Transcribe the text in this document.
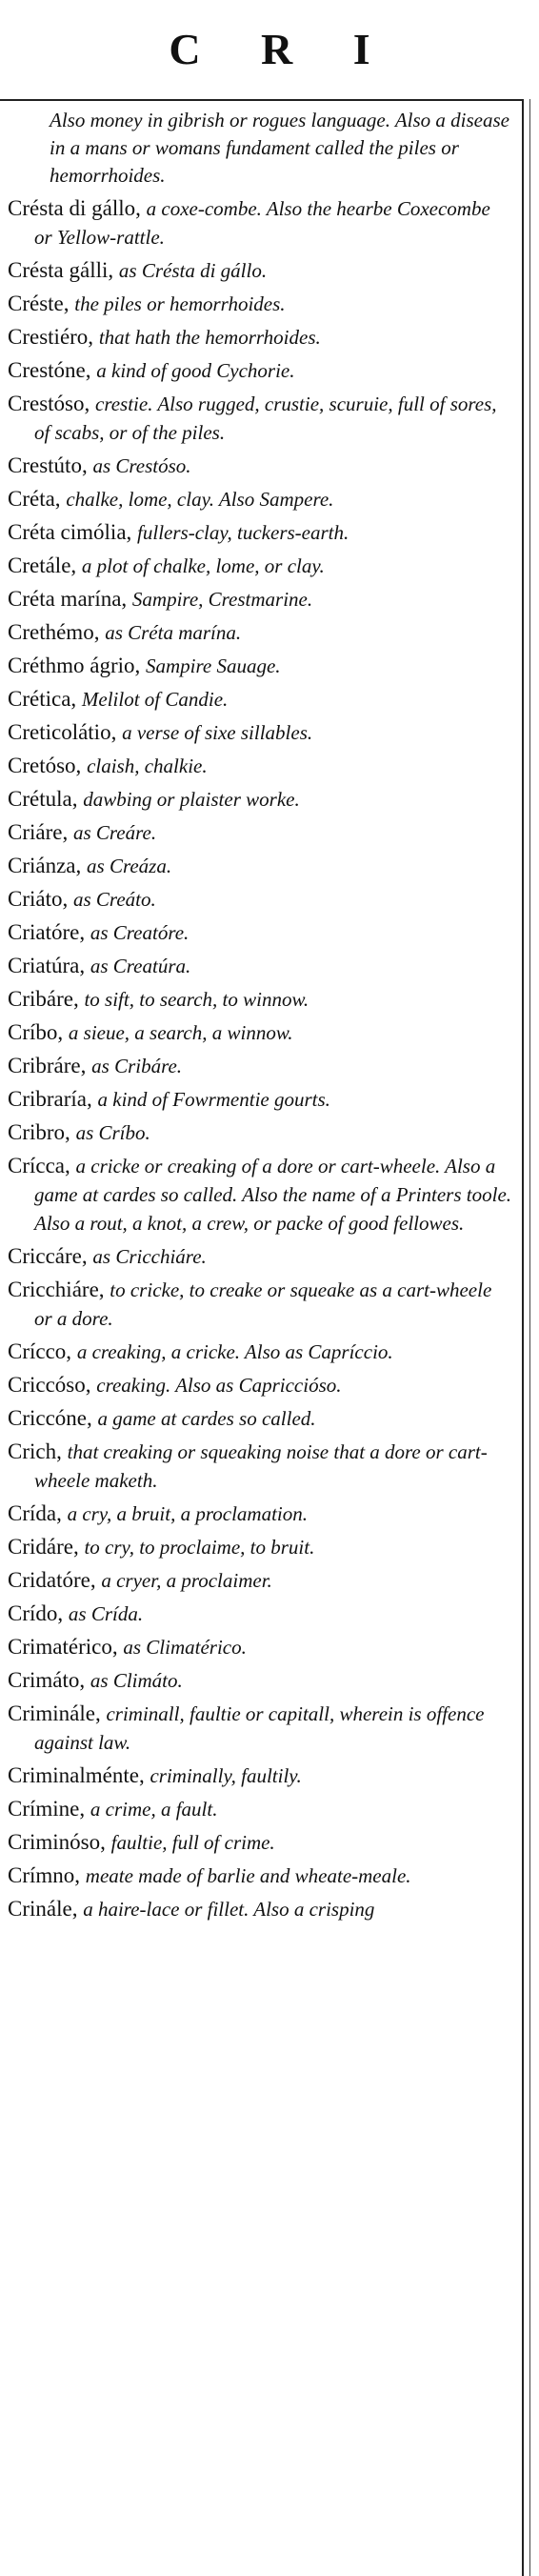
C R I
Also money in gibrish or rogues language. Also a disease in a mans or womans fundament called the piles or hemorrhoides.
Crésta di gállo, a coxe-combe. Also the hearbe Coxecombe or Yellow-rattle.
Crésta gálli, as Crésta di gállo.
Créste, the piles or hemorrhoides.
Crestiéro, that hath the hemorrhoides.
Crestóne, a kind of good Cychorie.
Crestóso, crestie. Also rugged, crustie, scuruie, full of sores, of scabs, or of the piles.
Crestúto, as Crestóso.
Créta, chalke, lome, clay. Also Sampere.
Créta cimólia, fullers-clay, tuckers-earth.
Cretále, a plot of chalke, lome, or clay.
Créta marína, Sampire, Crestmarine.
Crethémo, as Créta marína.
Créthmo ágrio, Sampire Sauage.
Crética, Melilot of Candie.
Creticolátio, a verse of sixe sillables.
Cretóso, claish, chalkie.
Crétula, dawbing or plaister worke.
Criáre, as Creáre.
Criánza, as Creáza.
Criáto, as Creáto.
Criatóre, as Creatóre.
Criatúra, as Creatúra.
Cribáre, to sift, to search, to winnow.
Críbo, a sieue, a search, a winnow.
Cribráre, as Cribáre.
Cribraría, a kind of Fowrmentie gourts.
Cribro, as Críbo.
Crícca, a cricke or creaking of a dore or cart-wheele. Also a game at cardes so called. Also the name of a Printers toole. Also a rout, a knot, a crew, or packe of good fellowes.
Criccáre, as Cricchiáre.
Cricchiáre, to cricke, to creake or squeake as a cart-wheele or a dore.
Crícco, a creaking, a cricke. Also as Capríccio.
Criccóso, creaking. Also as Capriccióso.
Criccóne, a game at cardes so called.
Crich, that creaking or squeaking noise that a dore or cart-wheele maketh.
Crída, a cry, a bruit, a proclamation.
Cridáre, to cry, to proclaime, to bruit.
Cridatóre, a cryer, a proclaimer.
Crído, as Crída.
Crimatérico, as Climatérico.
Crimáto, as Climáto.
Criminále, criminall, faultie or capitall, wherein is offence against law.
Criminalménte, criminally, faultily.
Crímine, a crime, a fault.
Criminóso, faultie, full of crime.
Crímno, meate made of barlie and wheate-meale.
Crinále, a haire-lace or fillet. Also a crisping
